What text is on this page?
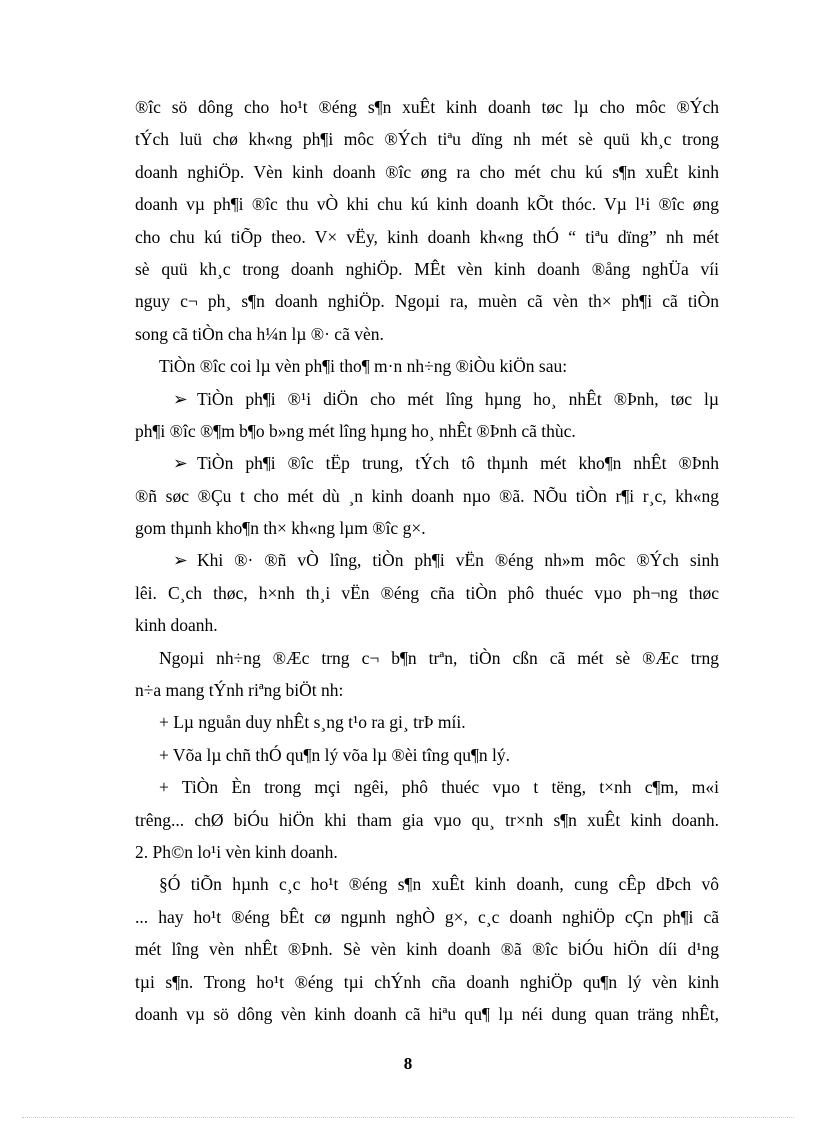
®îc sö dông cho ho¹t ®éng s¶n xuÊt kinh doanh tøc lµ cho môc ®Ých
tÝch luü chø kh«ng ph¶i môc ®Ých tiªu dïng nh mét sè quü kh¸c trong
doanh nghiÖp. Vèn kinh doanh ®îc øng ra cho mét chu kú s¶n xuÊt kinh
doanh vµ ph¶i ®îc thu vÒ khi chu kú kinh doanh kÕt thóc. Vµ l¹i ®îc øng
cho chu kú tiÕp theo. V× vËy, kinh doanh kh«ng thÓ “ tiªu dïng” nh mét
sè quü kh¸c trong doanh nghiÖp. MÊt vèn kinh doanh ®ång nghÜa víi
nguy c¬ ph¸ s¶n doanh nghiÖp. Ngoµi ra, muèn cã vèn th× ph¶i cã tiÒn
song cã tiÒn cha h¼n lµ ®· cã vèn.
TiÒn ®îc coi lµ vèn ph¶i tho¶ m·n nh÷ng ®iÒu kiÖn sau:
➢ TiÒn ph¶i ®¹i diÖn cho mét lîng hµng ho¸ nhÊt ®Þnh, tøc lµ
ph¶i ®îc ®¶m b¶o b»ng mét lîng hµng ho¸ nhÊt ®Þnh cã thùc.
➢ TiÒn ph¶i ®îc tËp trung, tÝch tô thµnh mét kho¶n nhÊt ®Þnh
®ñ søc ®Çu t cho mét dù ¸n kinh doanh nµo ®ã. NÕu tiÒn r¶i r¸c, kh«ng
gom thµnh kho¶n th× kh«ng lµm ®îc g×.
➢ Khi ®· ®ñ vÒ lîng, tiÒn ph¶i vËn ®éng nh»m môc ®Ých sinh
lêi. C¸ch thøc, h×nh th¸i vËn ®éng cña tiÒn phô thuéc vµo ph¬ng thøc
kinh doanh.
Ngoµi nh÷ng ®Æc trng c¬ b¶n trªn, tiÒn cßn cã mét sè ®Æc trng
n÷a mang tÝnh riªng biÖt nh:
+ Lµ nguån duy nhÊt s¸ng t¹o ra gi¸ trÞ míi.
+ Võa lµ chñ thÓ qu¶n lý võa lµ ®èi tîng qu¶n lý.
+ TiÒn Èn trong mçi ngêi, phô thuéc vµo t tëng, t×nh c¶m, m«i
trêng... chØ biÓu hiÖn khi tham gia vµo qu¸ tr×nh s¶n xuÊt kinh doanh.
2. Ph©n lo¹i vèn kinh doanh.
§Ó tiÕn hµnh c¸c ho¹t ®éng s¶n xuÊt kinh doanh, cung cÊp dÞch vô
... hay ho¹t ®éng bÊt cø ngµnh nghÒ g×, c¸c doanh nghiÖp cÇn ph¶i cã
mét lîng vèn nhÊt ®Þnh. Sè vèn kinh doanh ®ã ®îc biÓu hiÖn díi d¹ng
tµi s¶n. Trong ho¹t ®éng tµi chÝnh cña doanh nghiÖp qu¶n lý vèn kinh
doanh vµ sö dông vèn kinh doanh cã hiªu qu¶ lµ néi dung quan träng nhÊt,
8
